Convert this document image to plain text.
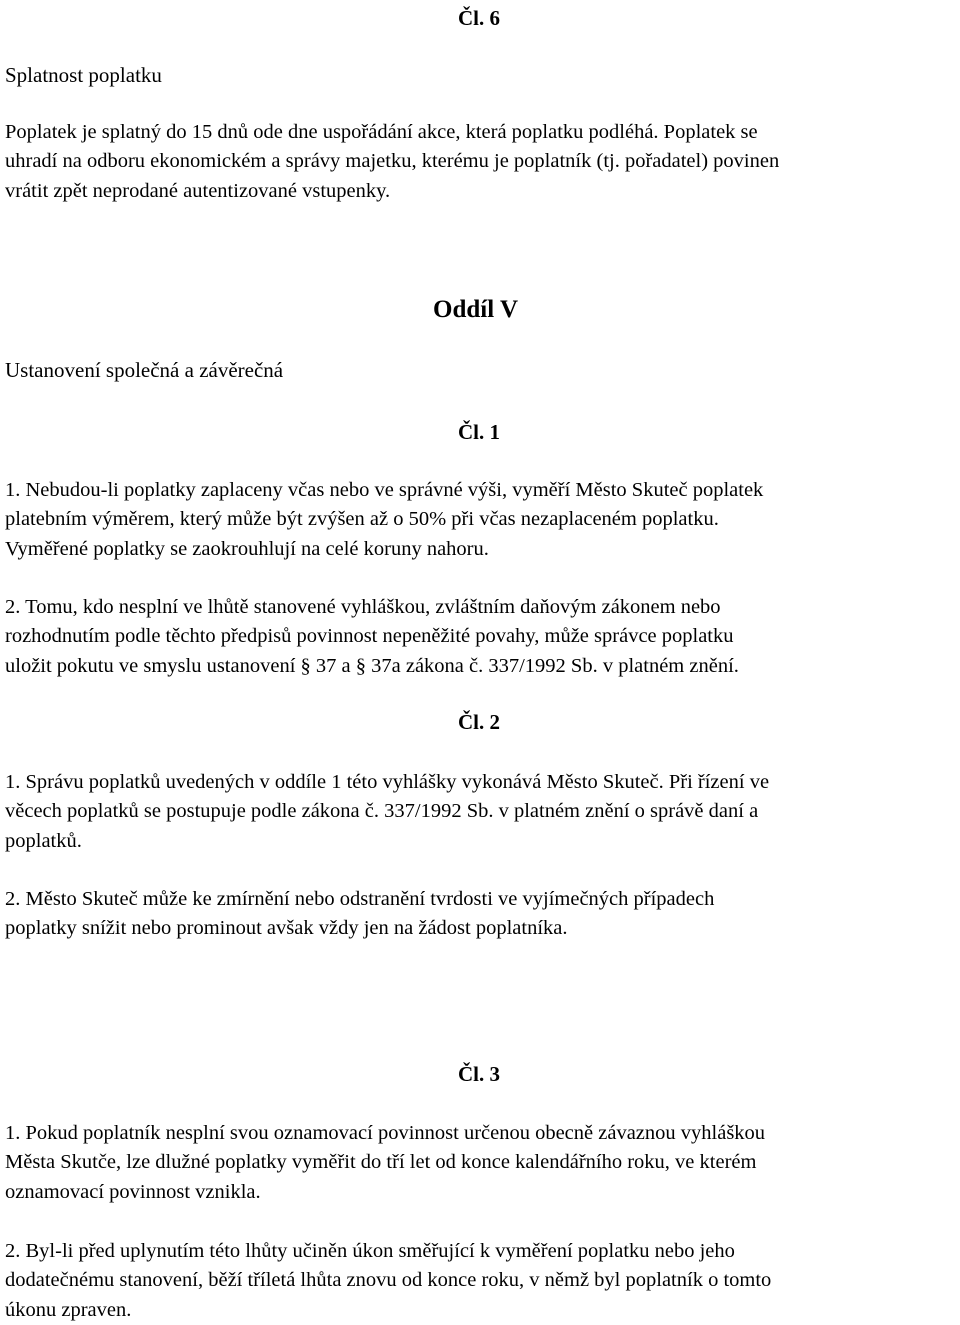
Čl. 6
Splatnost poplatku
Poplatek je splatný do 15 dnů ode dne uspořádání akce, která poplatku podléhá. Poplatek se
uhradí na odboru ekonomickém a správy majetku, kterému je poplatník (tj. pořadatel) povinen
vrátit zpět neprodané autentizované vstupenky.
Oddíl V
Ustanovení společná a závěrečná
Čl. 1
1. Nebudou-li poplatky zaplaceny včas nebo ve správné výši, vyměří Město Skuteč poplatek
platebním výměrem, který může být zvýšen až o 50% při včas nezaplaceném poplatku.
Vyměřené poplatky se zaokrouhlují na celé koruny nahoru.
2. Tomu, kdo nesplní ve lhůtě stanovené vyhláškou, zvláštním daňovým zákonem nebo
rozhodnutím podle těchto předpisů povinnost nepeněžité povahy, může správce poplatku
uložit pokutu ve smyslu ustanovení § 37 a § 37a zákona č. 337/1992 Sb. v platném znění.
Čl. 2
1. Správu poplatků uvedených v oddíle 1 této vyhlášky vykonává Město Skuteč. Při řízení ve
věcech poplatků se postupuje podle zákona č. 337/1992 Sb. v platném znění o správě daní a
poplatků.
2. Město Skuteč může ke zmírnění nebo odstranění tvrdosti ve vyjímečných případech
poplatky snížit nebo prominout avšak vždy jen na žádost poplatníka.
Čl. 3
1. Pokud poplatník nesplní svou oznamovací povinnost určenou obecně závaznou vyhláškou
Města Skutče, lze dlužné poplatky vyměřit do tří let od konce kalendářního roku, ve kterém
oznamovací povinnost vznikla.
2. Byl-li před uplynutím této lhůty učiněn úkon směřující k vyměření poplatku nebo jeho
dodatečnému stanovení, běží tříletá lhůta znovu od konce roku, v němž byl poplatník o tomto
úkonu zpraven.
